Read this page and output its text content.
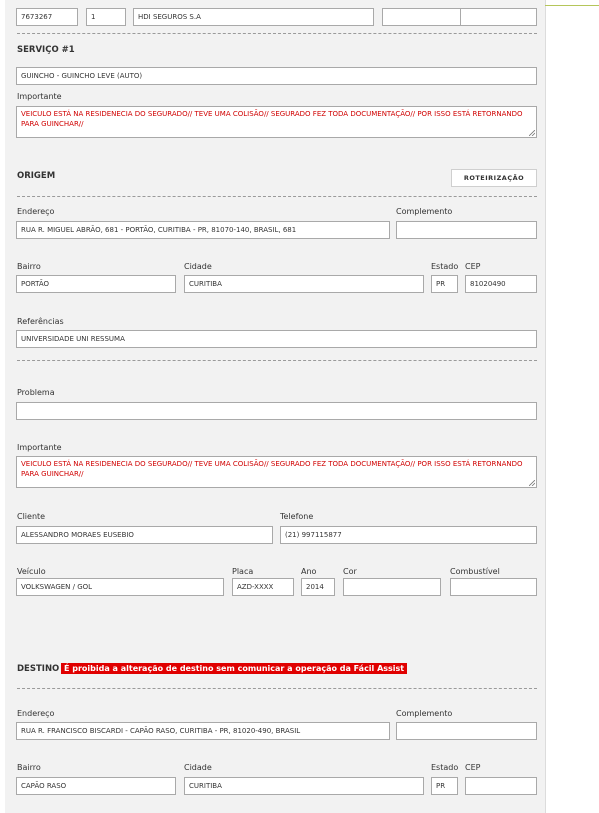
7673267	1	HDI SEGUROS S.A
SERVIÇO #1
GUINCHO - GUINCHO LEVE (AUTO)
Importante
VEICULO ESTÁ NA RESIDENECIA DO SEGURADO// TEVE UMA COLISÃO// SEGURADO FEZ TODA DOCUMENTAÇÃO// POR ISSO ESTÁ RETORNANDO PARA GUINCHAR//
ORIGEM	ROTEIRIZAÇÃO
Endereço	Complemento
RUA R. MIGUEL ABRÃO, 681 - PORTÃO, CURITIBA - PR, 81070-140, BRASIL, 681
Bairro	Cidade	Estado CEP
PORTÃO	CURITIBA	PR	81020490
Referências
UNIVERSIDADE UNI RESSUMA
Problema
Importante
VEICULO ESTÁ NA RESIDENECIA DO SEGURADO// TEVE UMA COLISÃO// SEGURADO FEZ TODA DOCUMENTAÇÃO// POR ISSO ESTÁ RETORNANDO PARA GUINCHAR//
Cliente	Telefone
ALESSANDRO MORAES EUSEBIO	(21) 997115877
Veículo	Placa	Ano	Cor	Combustível
VOLKSWAGEN / GOL	AZD-XXXX	2014
DESTINO É proibida a alteração de destino sem comunicar a operação da Fácil Assist
Endereço	Complemento
RUA R. FRANCISCO BISCARDI - CAPÃO RASO, CURITIBA - PR, 81020-490, BRASIL
Bairro	Cidade	Estado CEP
CAPÃO RASO	CURITIBA	PR
